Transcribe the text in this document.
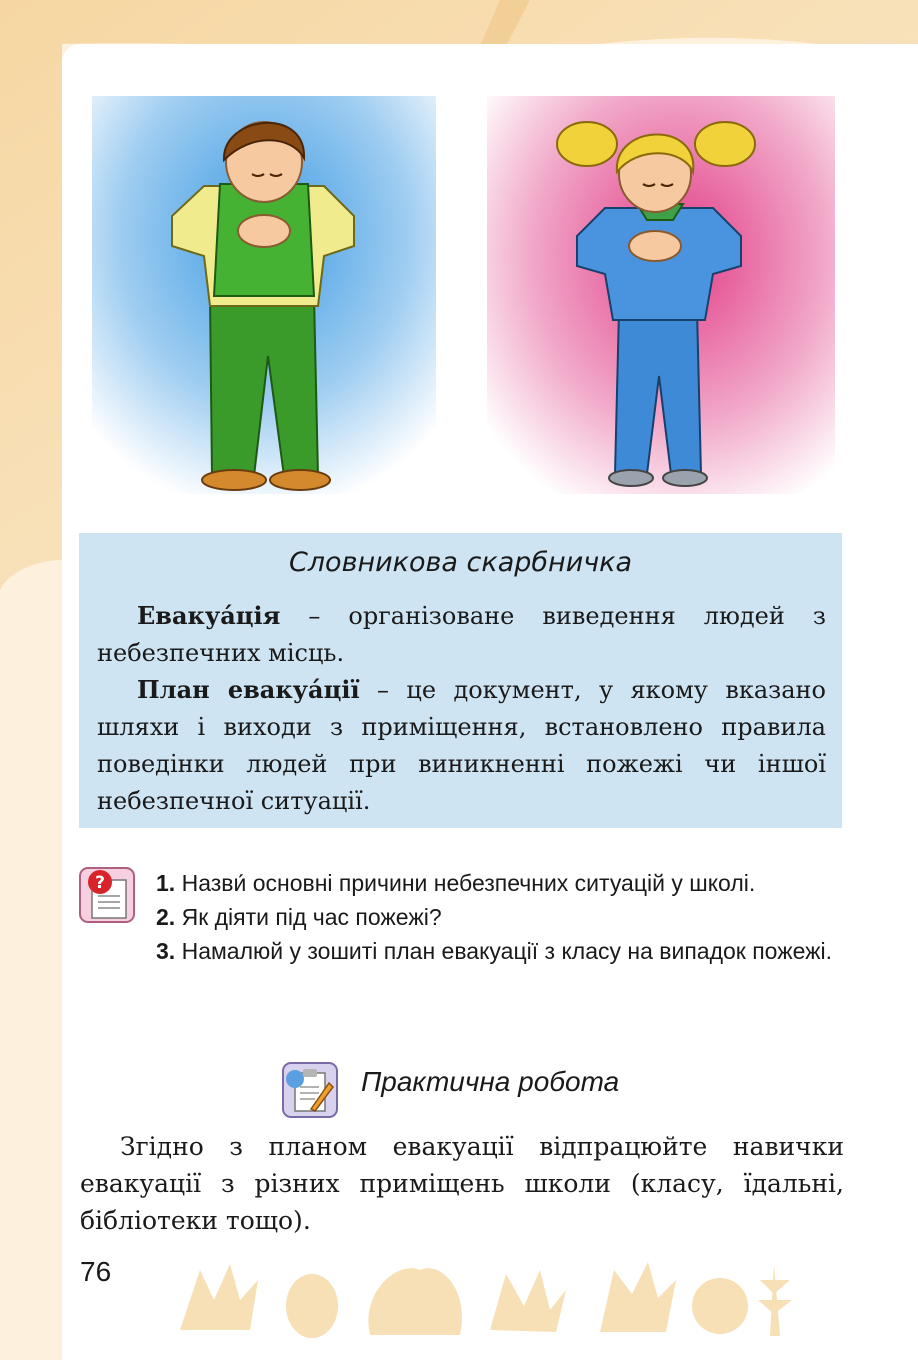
Словникова скарбничка

Евакуа́ція – організоване виведення людей з небезпечних місць.

План евакуа́ції – це документ, у якому вказано шляхи і виходи з приміщення, встановлено правила поведінки людей при виникненні пожежі чи іншої небезпечної ситуації.

? 1. Назви́ основні причини небезпечних ситуацій у школі.

2. Як діяти під час пожежі?

3. Намалюй у зошиті план евакуації з класу на випадок пожежі.

Практична робота

Згідно з планом евакуації відпрацюйте навички евакуації з різних приміщень школи (класу, їдальні, бібліотеки тощо).

76
